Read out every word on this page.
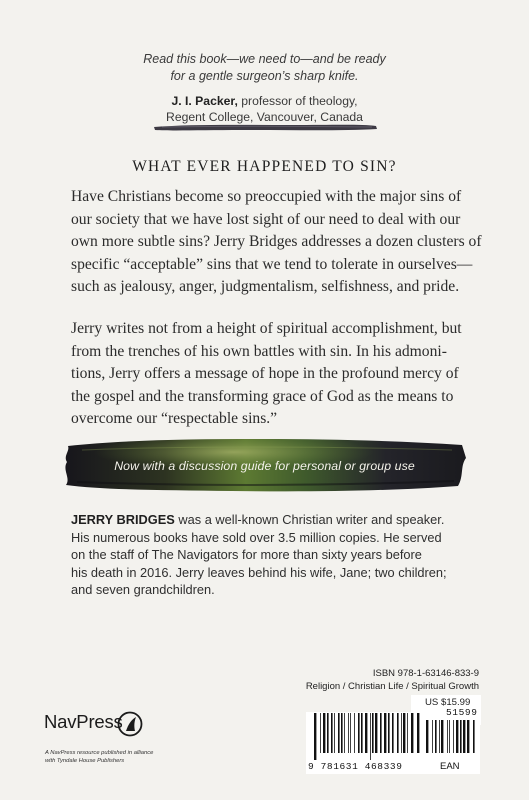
Read this book—we need to—and be ready
for a gentle surgeon’s sharp knife.
J. I. Packer, professor of theology,
Regent College, Vancouver, Canada
WHAT EVER HAPPENED TO SIN?
Have Christians become so preoccupied with the major sins of
our society that we have lost sight of our need to deal with our
own more subtle sins? Jerry Bridges addresses a dozen clusters of
specific “acceptable” sins that we tend to tolerate in ourselves—
such as jealousy, anger, judgmentalism, selfishness, and pride.
Jerry writes not from a height of spiritual accomplishment, but
from the trenches of his own battles with sin. In his admoni-
tions, Jerry offers a message of hope in the profound mercy of
the gospel and the transforming grace of God as the means to
overcome our “respectable sins.”
Now with a discussion guide for personal or group use
JERRY BRIDGES was a well-known Christian writer and speaker.
His numerous books have sold over 3.5 million copies. He served
on the staff of The Navigators for more than sixty years before
his death in 2016. Jerry leaves behind his wife, Jane; two children;
and seven grandchildren.
ISBN 978-1-63146-833-9
Religion / Christian Life / Spiritual Growth
US $15.99
51599
9 781631 468339	EAN
NavPress
A NavPress resource published in alliance
with Tyndale House Publishers
